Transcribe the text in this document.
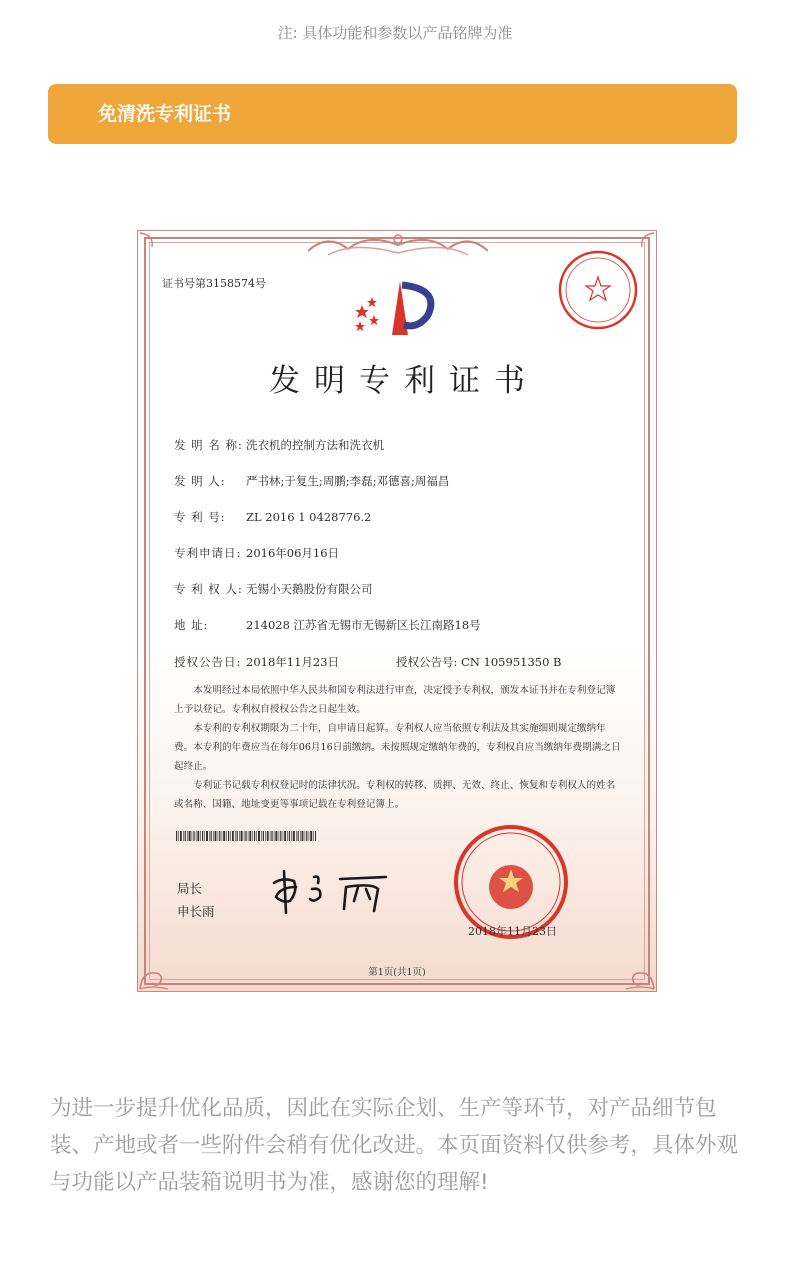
注: 具体功能和参数以产品铭牌为准
免清洗专利证书
证书号第3158574号
发明专利证书
发 明 名 称: 洗衣机的控制方法和洗衣机
发 明 人: 严书林;于复生;周鹏;李磊;邓德喜;周福昌
专 利 号: ZL 2016 1 0428776.2
专利申请日: 2016年06月16日
专 利 权 人: 无锡小天鹅股份有限公司
地 址:	214028 江苏省无锡市无锡新区长江南路18号
授权公告日: 2018年11月23日	授权公告号: CN 105951350 B

本发明经过本局依照中华人民共和国专利法进行审查，决定授予专利权，颁发本证书并在专利登记簿上予以登记。专利权自授权公告之日起生效。

本专利的专利权期限为二十年，自申请日起算。专利权人应当依照专利法及其实施细则规定缴纳年费。本专利的年费应当在每年06月16日前缴纳。未按照规定缴纳年费的，专利权自应当缴纳年费期满之日起终止。

专利证书记载专利权登记时的法律状况。专利权的转移、质押、无效、终止、恢复和专利权人的姓名或名称、国籍、地址变更等事项记载在专利登记簿上。

局长
申长雨
2018年11月23日
第1页(共1页)
为进一步提升优化品质，因此在实际企划、生产等环节，对产品细节包装、产地或者一些附件会稍有优化改进。本页面资料仅供参考，具体外观与功能以产品装箱说明书为准，感谢您的理解!
